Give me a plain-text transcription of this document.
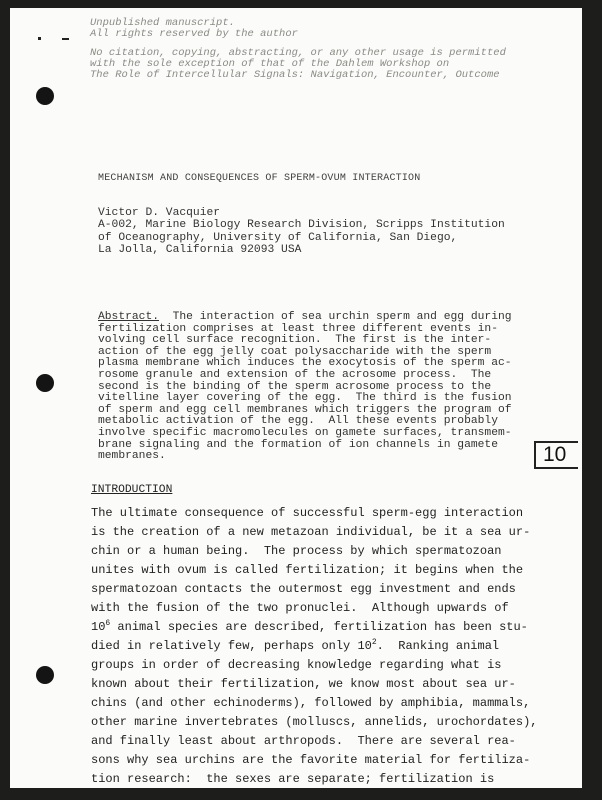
Unpublished manuscript.
All rights reserved by the author
No citation, copying, abstracting, or any other usage is permitted
with the sole exception of that of the Dahlem Workshop on
The Role of Intercellular Signals: Navigation, Encounter, Outcome
MECHANISM AND CONSEQUENCES OF SPERM-OVUM INTERACTION
Victor D. Vacquier
A-002, Marine Biology Research Division, Scripps Institution
of Oceanography, University of California, San Diego,
La Jolla, California 92093 USA
Abstract.  The interaction of sea urchin sperm and egg during
fertilization comprises at least three different events in-
volving cell surface recognition.  The first is the inter-
action of the egg jelly coat polysaccharide with the sperm
plasma membrane which induces the exocytosis of the sperm ac-
rosome granule and extension of the acrosome process.  The
second is the binding of the sperm acrosome process to the
vitelline layer covering of the egg.  The third is the fusion
of sperm and egg cell membranes which triggers the program of
metabolic activation of the egg.  All these events probably
involve specific macromolecules on gamete surfaces, transmem-
brane signaling and the formation of ion channels in gamete
membranes.	10
INTRODUCTION
The ultimate consequence of successful sperm-egg interaction
is the creation of a new metazoan individual, be it a sea ur-
chin or a human being.  The process by which spermatozoan
unites with ovum is called fertilization; it begins when the
spermatozoan contacts the outermost egg investment and ends
with the fusion of the two pronuclei.  Although upwards of
$10^6$ animal species are described, fertilization has been stu-
died in relatively few, perhaps only $10^2$.  Ranking animal
groups in order of decreasing knowledge regarding what is
known about their fertilization, we know most about sea ur-
chins (and other echinoderms), followed by amphibia, mammals,
other marine invertebrates (molluscs, annelids, urochordates),
and finally least about arthropods.  There are several rea-
sons why sea urchins are the favorite material for fertiliza-
tion research:  the sexes are separate; fertilization is
